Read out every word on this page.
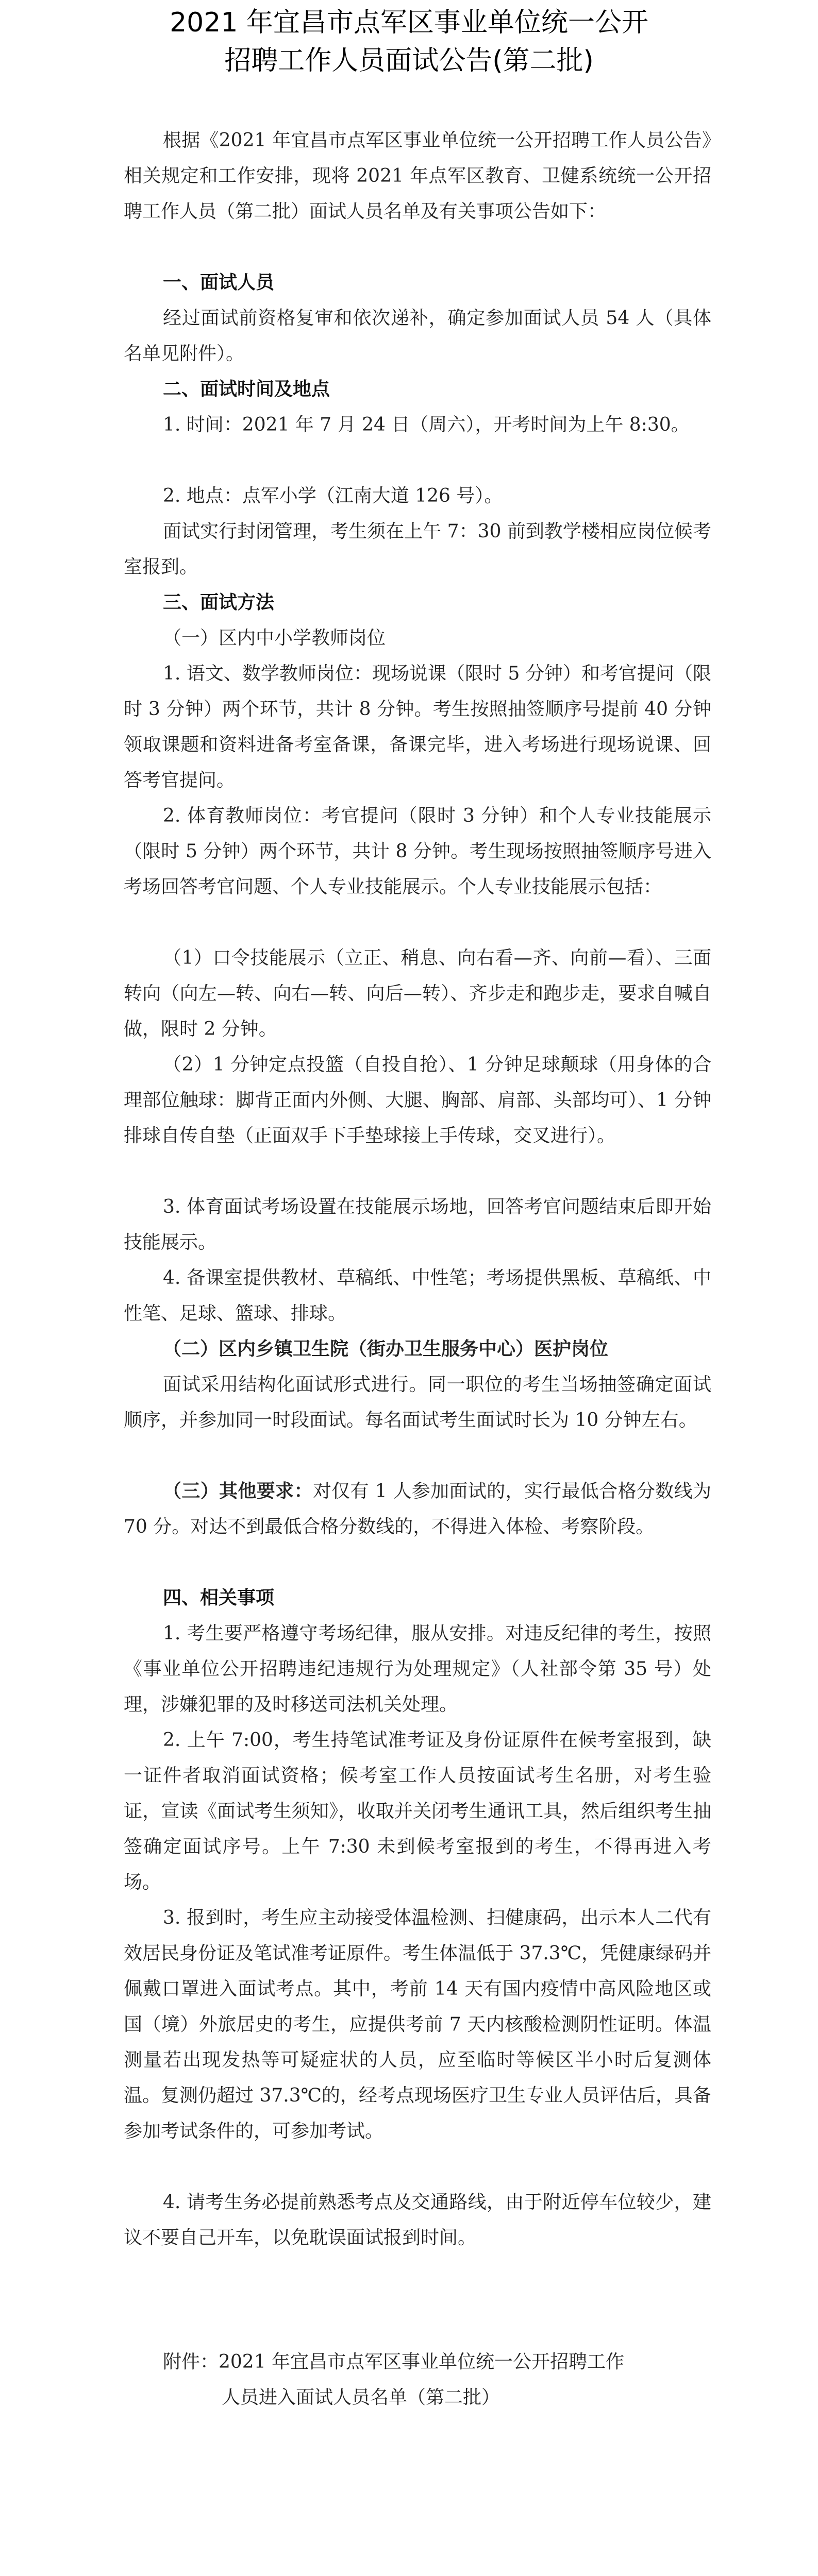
2021 年宜昌市点军区事业单位统一公开
招聘工作人员面试公告(第二批)
根据《2021 年宜昌市点军区事业单位统一公开招聘工作人员公告》相关规定和工作安排，现将 2021 年点军区教育、卫健系统统一公开招聘工作人员（第二批）面试人员名单及有关事项公告如下：
一、面试人员
经过面试前资格复审和依次递补，确定参加面试人员 54 人（具体名单见附件）。
二、面试时间及地点
1. 时间：2021 年 7 月 24 日（周六），开考时间为上午 8:30。
2. 地点：点军小学（江南大道 126 号）。
面试实行封闭管理，考生须在上午 7：30 前到教学楼相应岗位候考室报到。
三、面试方法
（一）区内中小学教师岗位
1. 语文、数学教师岗位：现场说课（限时 5 分钟）和考官提问（限时 3 分钟）两个环节，共计 8 分钟。考生按照抽签顺序号提前 40 分钟领取课题和资料进备考室备课，备课完毕，进入考场进行现场说课、回答考官提问。
2. 体育教师岗位：考官提问（限时 3 分钟）和个人专业技能展示（限时 5 分钟）两个环节，共计 8 分钟。考生现场按照抽签顺序号进入考场回答考官问题、个人专业技能展示。个人专业技能展示包括：
（1）口令技能展示（立正、稍息、向右看—齐、向前—看）、三面转向（向左—转、向右—转、向后—转）、齐步走和跑步走，要求自喊自做，限时 2 分钟。
（2）1 分钟定点投篮（自投自抢）、1 分钟足球颠球（用身体的合理部位触球：脚背正面内外侧、大腿、胸部、肩部、头部均可）、1 分钟排球自传自垫（正面双手下手垫球接上手传球，交叉进行）。
3. 体育面试考场设置在技能展示场地，回答考官问题结束后即开始技能展示。
4. 备课室提供教材、草稿纸、中性笔；考场提供黑板、草稿纸、中性笔、足球、篮球、排球。
（二）区内乡镇卫生院（街办卫生服务中心）医护岗位
面试采用结构化面试形式进行。同一职位的考生当场抽签确定面试顺序，并参加同一时段面试。每名面试考生面试时长为 10 分钟左右。
（三）其他要求：对仅有 1 人参加面试的，实行最低合格分数线为 70 分。对达不到最低合格分数线的，不得进入体检、考察阶段。
四、相关事项
1. 考生要严格遵守考场纪律，服从安排。对违反纪律的考生，按照《事业单位公开招聘违纪违规行为处理规定》（人社部令第 35 号）处理，涉嫌犯罪的及时移送司法机关处理。
2. 上午 7:00，考生持笔试准考证及身份证原件在候考室报到，缺一证件者取消面试资格；候考室工作人员按面试考生名册，对考生验证，宣读《面试考生须知》，收取并关闭考生通讯工具，然后组织考生抽签确定面试序号。上午 7:30 未到候考室报到的考生，不得再进入考场。
3. 报到时，考生应主动接受体温检测、扫健康码，出示本人二代有效居民身份证及笔试准考证原件。考生体温低于 37.3℃，凭健康绿码并佩戴口罩进入面试考点。其中，考前 14 天有国内疫情中高风险地区或国（境）外旅居史的考生，应提供考前 7 天内核酸检测阴性证明。体温测量若出现发热等可疑症状的人员，应至临时等候区半小时后复测体温。复测仍超过 37.3℃的，经考点现场医疗卫生专业人员评估后，具备参加考试条件的，可参加考试。
4. 请考生务必提前熟悉考点及交通路线，由于附近停车位较少，建议不要自己开车，以免耽误面试报到时间。
附件：2021 年宜昌市点军区事业单位统一公开招聘工作
人员进入面试人员名单（第二批）
